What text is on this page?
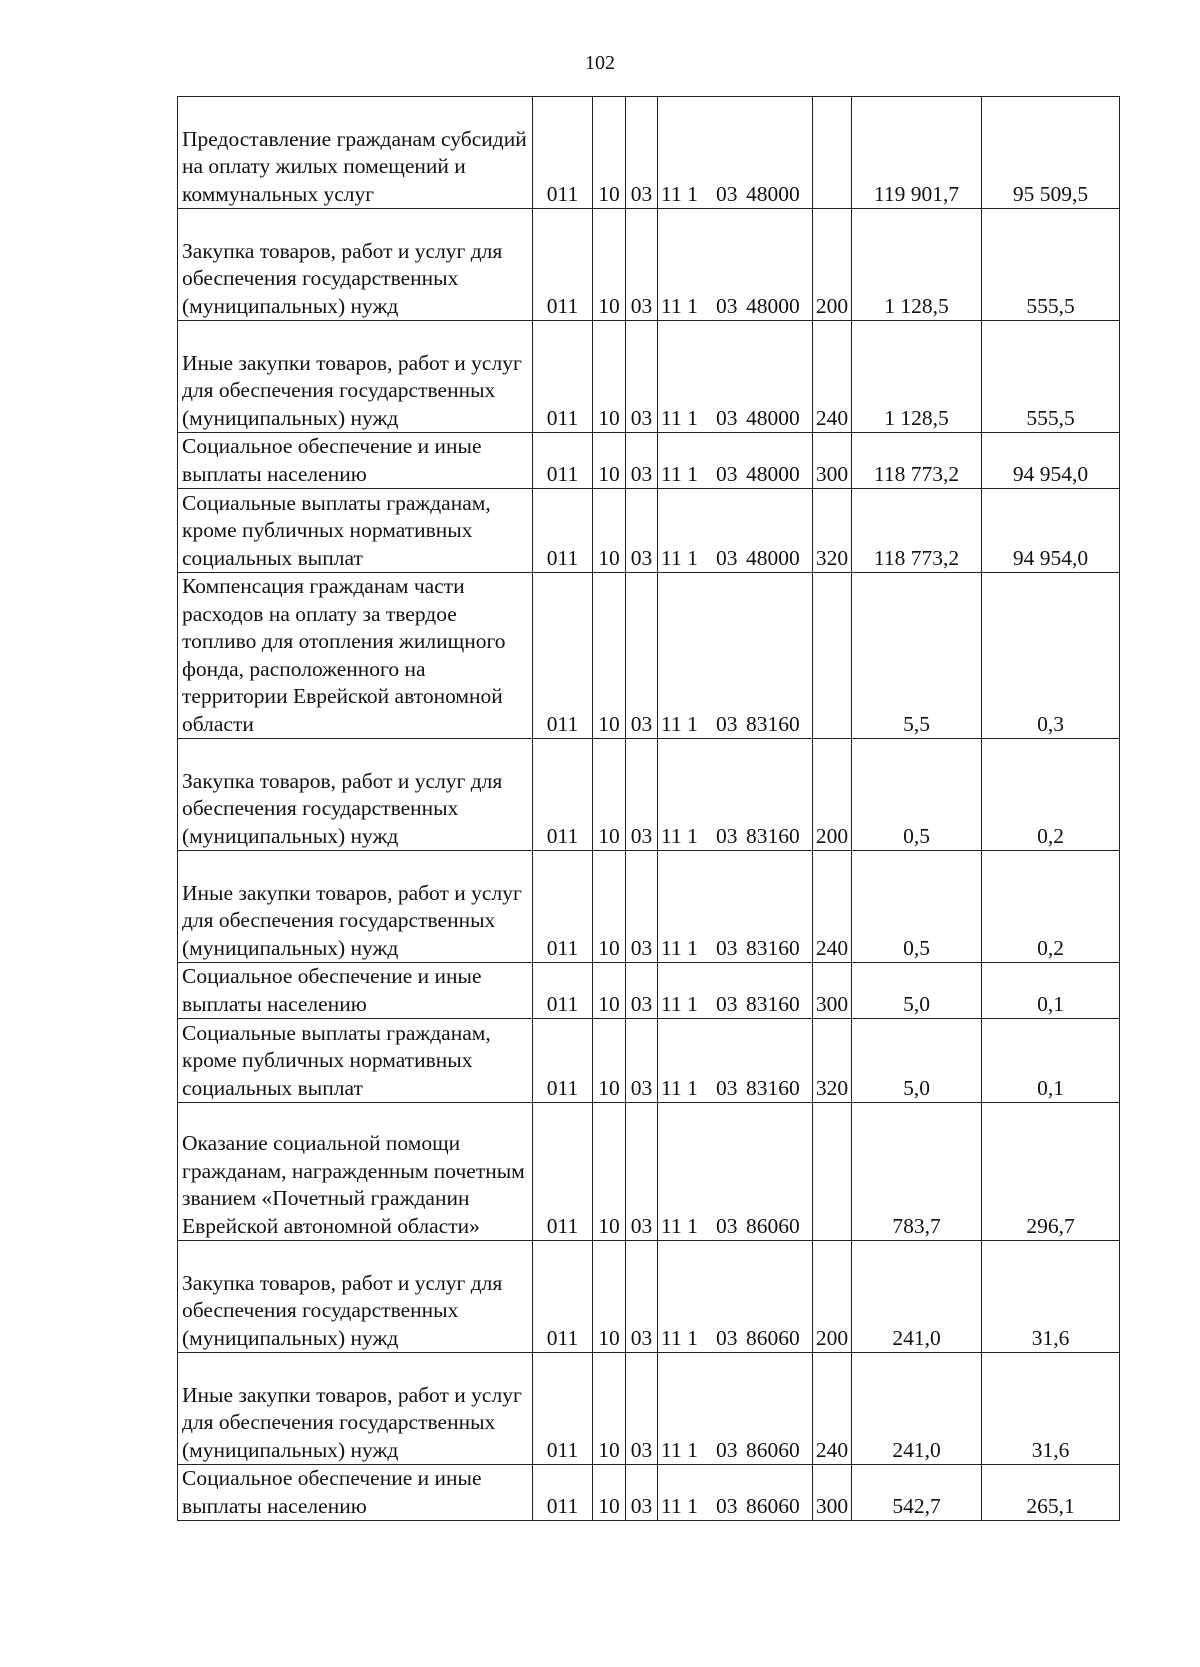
102
Предоставление гражданам субсидий на оплату жилых помещений и коммунальных услуг	011	10	03	11 1 03 48000		119 901,7	95 509,5
Закупка товаров, работ и услуг для обеспечения государственных (муниципальных) нужд	011	10	03	11 1 03 48000	200	1 128,5	555,5
Иные закупки товаров, работ и услуг для обеспечения государственных (муниципальных) нужд	011	10	03	11 1 03 48000	240	1 128,5	555,5
Социальное обеспечение и иные выплаты населению	011	10	03	11 1 03 48000	300	118 773,2	94 954,0
Социальные выплаты гражданам, кроме публичных нормативных социальных выплат	011	10	03	11 1 03 48000	320	118 773,2	94 954,0
Компенсация гражданам части расходов на оплату за твердое топливо для отопления жилищного фонда, расположенного на территории Еврейской автономной области	011	10	03	11 1 03 83160		5,5	0,3
Закупка товаров, работ и услуг для обеспечения государственных (муниципальных) нужд	011	10	03	11 1 03 83160	200	0,5	0,2
Иные закупки товаров, работ и услуг для обеспечения государственных (муниципальных) нужд	011	10	03	11 1 03 83160	240	0,5	0,2
Социальное обеспечение и иные выплаты населению	011	10	03	11 1 03 83160	300	5,0	0,1
Социальные выплаты гражданам, кроме публичных нормативных социальных выплат	011	10	03	11 1 03 83160	320	5,0	0,1
Оказание социальной помощи гражданам, награжденным почетным званием «Почетный гражданин Еврейской автономной области»	011	10	03	11 1 03 86060		783,7	296,7
Закупка товаров, работ и услуг для обеспечения государственных (муниципальных) нужд	011	10	03	11 1 03 86060	200	241,0	31,6
Иные закупки товаров, работ и услуг для обеспечения государственных (муниципальных) нужд	011	10	03	11 1 03 86060	240	241,0	31,6
Социальное обеспечение и иные выплаты населению	011	10	03	11 1 03 86060	300	542,7	265,1
